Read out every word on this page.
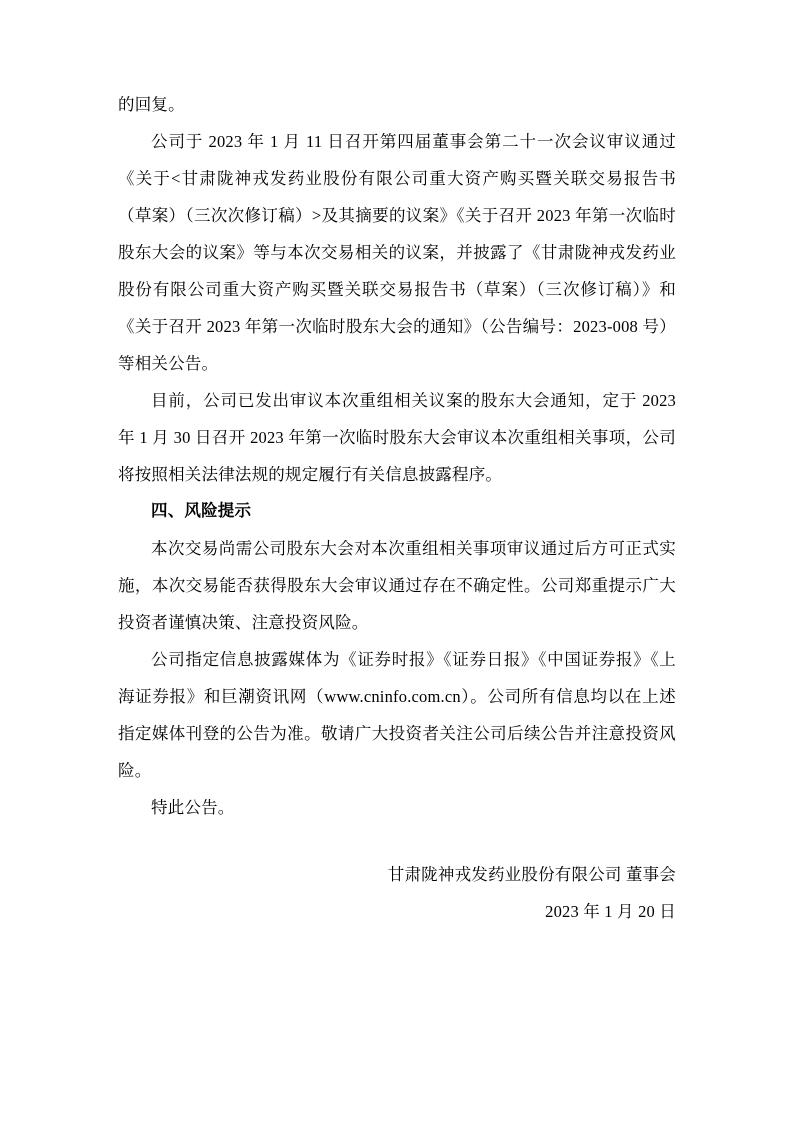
的回复。

公司于 2023 年 1 月 11 日召开第四届董事会第二十一次会议审议通过《关于<甘肃陇神戎发药业股份有限公司重大资产购买暨关联交易报告书（草案）（三次次修订稿）>及其摘要的议案》《关于召开 2023 年第一次临时股东大会的议案》等与本次交易相关的议案，并披露了《甘肃陇神戎发药业股份有限公司重大资产购买暨关联交易报告书（草案）（三次修订稿）》和《关于召开 2023 年第一次临时股东大会的通知》（公告编号：2023-008 号）等相关公告。

目前，公司已发出审议本次重组相关议案的股东大会通知，定于 2023 年 1 月 30 日召开 2023 年第一次临时股东大会审议本次重组相关事项，公司将按照相关法律法规的规定履行有关信息披露程序。

四、风险提示

本次交易尚需公司股东大会对本次重组相关事项审议通过后方可正式实施，本次交易能否获得股东大会审议通过存在不确定性。公司郑重提示广大投资者谨慎决策、注意投资风险。

公司指定信息披露媒体为《证券时报》《证券日报》《中国证券报》《上海证券报》和巨潮资讯网（www.cninfo.com.cn）。公司所有信息均以在上述指定媒体刊登的公告为准。敬请广大投资者关注公司后续公告并注意投资风险。

特此公告。

甘肃陇神戎发药业股份有限公司 董事会

2023 年 1 月 20 日
